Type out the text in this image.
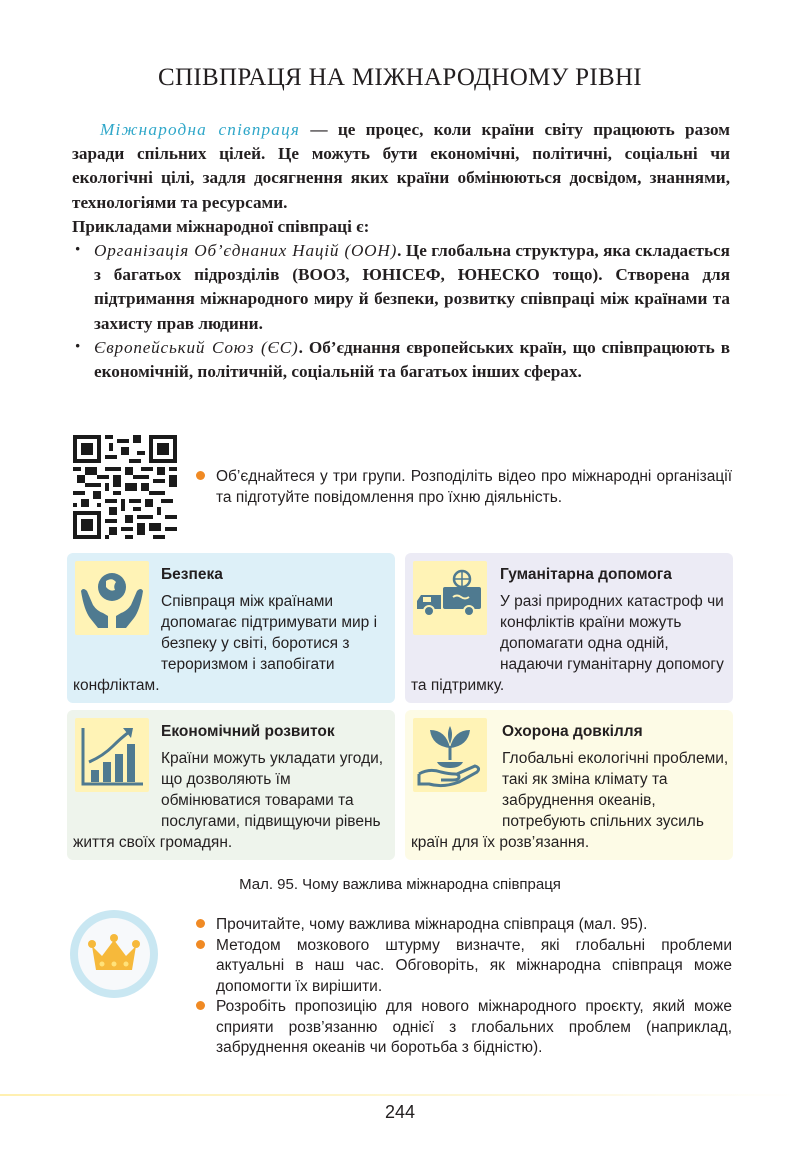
СПІВПРАЦЯ НА МІЖНАРОДНОМУ РІВНІ

Міжнародна співпраця — це процес, коли країни світу працюють разом заради спільних цілей. Це можуть бути економічні, політичні, соціальні чи екологічні цілі, задля досягнення яких країни обмінюються досвідом, знаннями, технологіями та ресурсами.

Прикладами міжнародної співпраці є:

· Організація Об’єднаних Націй (ООН). Це глобальна структура, яка складається з багатьох підрозділів (ВООЗ, ЮНІСЕФ, ЮНЕСКО тощо). Створена для підтримання міжнародного миру й безпеки, розвитку співпраці між країнами та захисту прав людини.
· Європейський Союз (ЄС). Об’єднання європейських країн, що співпрацюють в економічній, політичній, соціальній та багатьох інших сферах.
Об’єднайтеся у три групи. Розподіліть відео про міжнародні організації та підготуйте повідомлення про їхню діяльність.
Безпека
Співпраця між країнами допомагає підтримувати мир і безпеку у світі, боротися з тероризмом і запобігати конфліктам.
Гуманітарна допомога
У разі природних катастроф чи конфліктів країни можуть допомагати одна одній, надаючи гуманітарну допомогу та підтримку.
Економічний розвиток
Країни можуть укладати угоди, що дозволяють їм обмінюватися товарами та послугами, підвищуючи рівень життя своїх громадян.
Охорона довкілля
Глобальні екологічні проблеми, такі як зміна клімату та забруднення океанів, потребують спільних зусиль країн для їх розв’язання.
Мал. 95. Чому важлива міжнародна співпраця
Прочитайте, чому важлива міжнародна співпраця (мал. 95).
Методом мозкового штурму визначте, які глобальні проблеми актуальні в наш час. Обговоріть, як міжнародна співпраця може допомогти їх вирішити.
Розробіть пропозицію для нового міжнародного проєкту, який може сприяти розв’язанню однієї з глобальних проблем (наприклад, забруднення океанів чи боротьба з бідністю).
244
